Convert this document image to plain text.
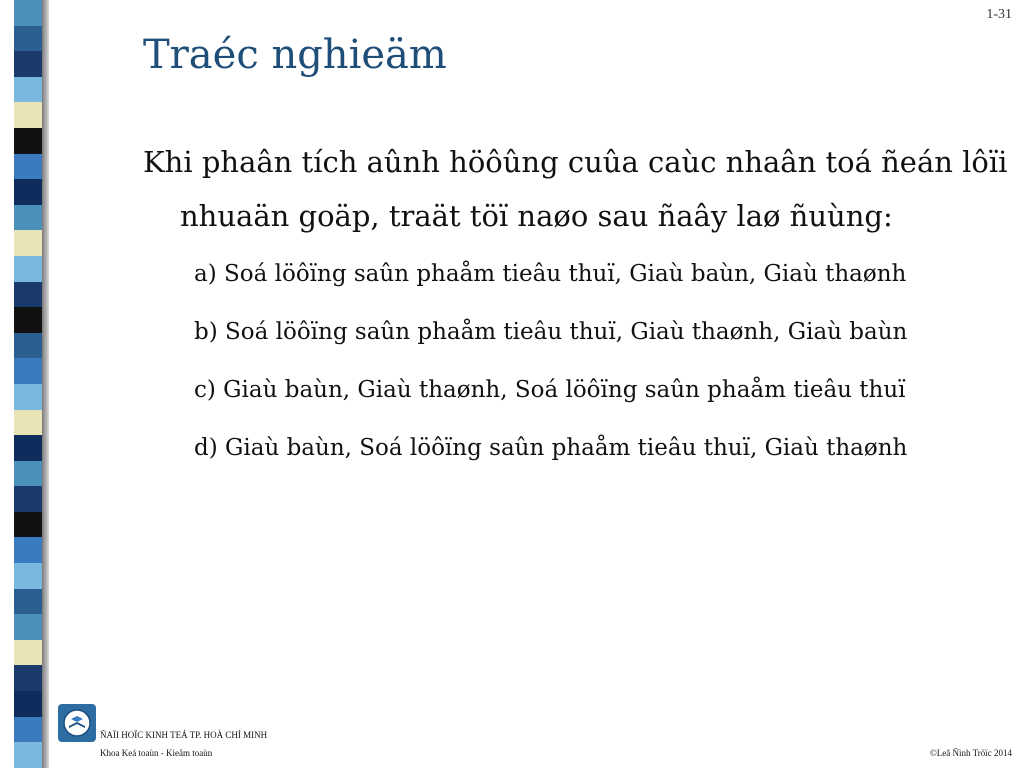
1-31
Traéc nghieäm
Khi phaân tích aûnh höôûng cuûa caùc nhaân toá ñeán lôïi
nhuaän goäp, traät töï naøo sau ñaây laø ñuùng:
a) Soá löôïng saûn phaåm tieâu thuï, Giaù baùn, Giaù thaønh
b) Soá löôïng saûn phaåm tieâu thuï, Giaù thaønh, Giaù baùn
c) Giaù baùn, Giaù thaønh, Soá löôïng saûn phaåm tieâu thuï
d) Giaù baùn, Soá löôïng saûn phaåm tieâu thuï, Giaù thaønh
ÑAÏI HOÏC KINH TEÁ TP. HOÀ CHÍ MINH
Khoa Keá toaùn - Kieåm toaùn	©Leâ Ñình Tröïc 2014
